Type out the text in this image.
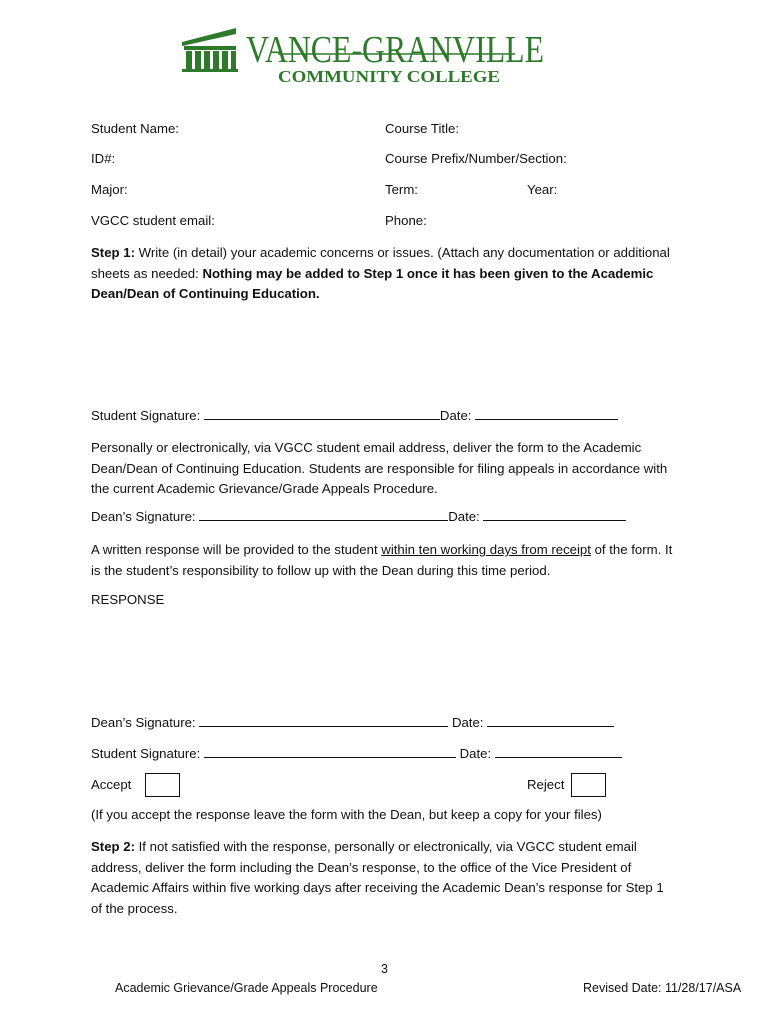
VANCE-GRANVILLE
COMMUNITY COLLEGE
Student Name:	Course Title:
ID#:	Course Prefix/Number/Section:
Major:	Term:	Year:
VGCC student email:	Phone:
Step 1: Write (in detail) your academic concerns or issues. (Attach any documentation or additional sheets as needed: Nothing may be added to Step 1 once it has been given to the Academic Dean/Dean of Continuing Education.
Student Signature:	Date:
Personally or electronically, via VGCC student email address, deliver the form to the Academic Dean/Dean of Continuing Education. Students are responsible for filing appeals in accordance with the current Academic Grievance/Grade Appeals Procedure.
Dean’s Signature:	Date:
A written response will be provided to the student within ten working days from receipt of the form. It is the student’s responsibility to follow up with the Dean during this time period.
RESPONSE
Dean’s Signature:	Date:
Student Signature:	Date:
Accept	Reject
(If you accept the response leave the form with the Dean, but keep a copy for your files)
Step 2: If not satisfied with the response, personally or electronically, via VGCC student email address, deliver the form including the Dean’s response, to the office of the Vice President of Academic Affairs within five working days after receiving the Academic Dean’s response for Step 1 of the process.
3
Academic Grievance/Grade Appeals Procedure	Revised Date: 11/28/17/ASA
